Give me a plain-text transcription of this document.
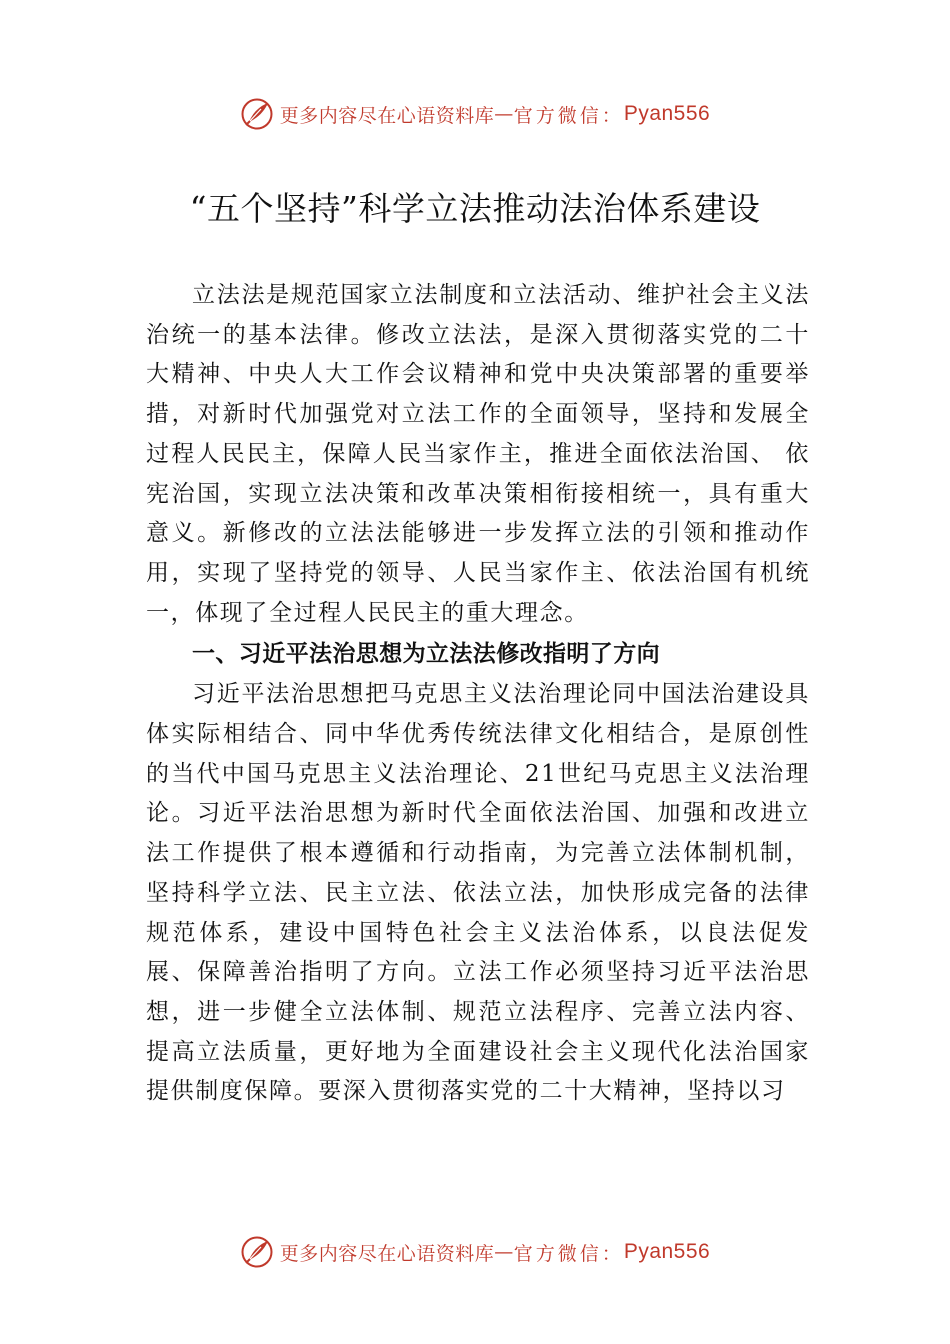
更多内容尽在心语资料库 — 官方微信： Pyan556
“五个坚持”科学立法推动法治体系建设

立法法是规范国家立法制度和立法活动、维护社会主义法治统一的基本法律。修改立法法，是深入贯彻落实党的二十大精神、中央人大工作会议精神和党中央决策部署的重要举措，对新时代加强党对立法工作的全面领导，坚持和发展全过程人民民主，保障人民当家作主，推进全面依法治国、 依宪治国，实现立法决策和改革决策相衔接相统一，具有重大意义。新修改的立法法能够进一步发挥立法的引领和推动作用，实现了坚持党的领导、人民当家作主、依法治国有机统一，体现了全过程人民民主的重大理念。

一、习近平法治思想为立法法修改指明了方向

习近平法治思想把马克思主义法治理论同中国法治建设具体实际相结合、同中华优秀传统法律文化相结合，是原创性的当代中国马克思主义法治理论、21世纪马克思主义法治理论。习近平法治思想为新时代全面依法治国、加强和改进立法工作提供了根本遵循和行动指南，为完善立法体制机制，坚持科学立法、民主立法、依法立法，加快形成完备的法律规范体系，建设中国特色社会主义法治体系，以良法促发展、保障善治指明了方向。立法工作必须坚持习近平法治思想，进一步健全立法体制、规范立法程序、完善立法内容、提高立法质量，更好地为全面建设社会主义现代化法治国家提供制度保障。要深入贯彻落实党的二十大精神，坚持以习

更多内容尽在心语资料库 — 官方微信： Pyan556
